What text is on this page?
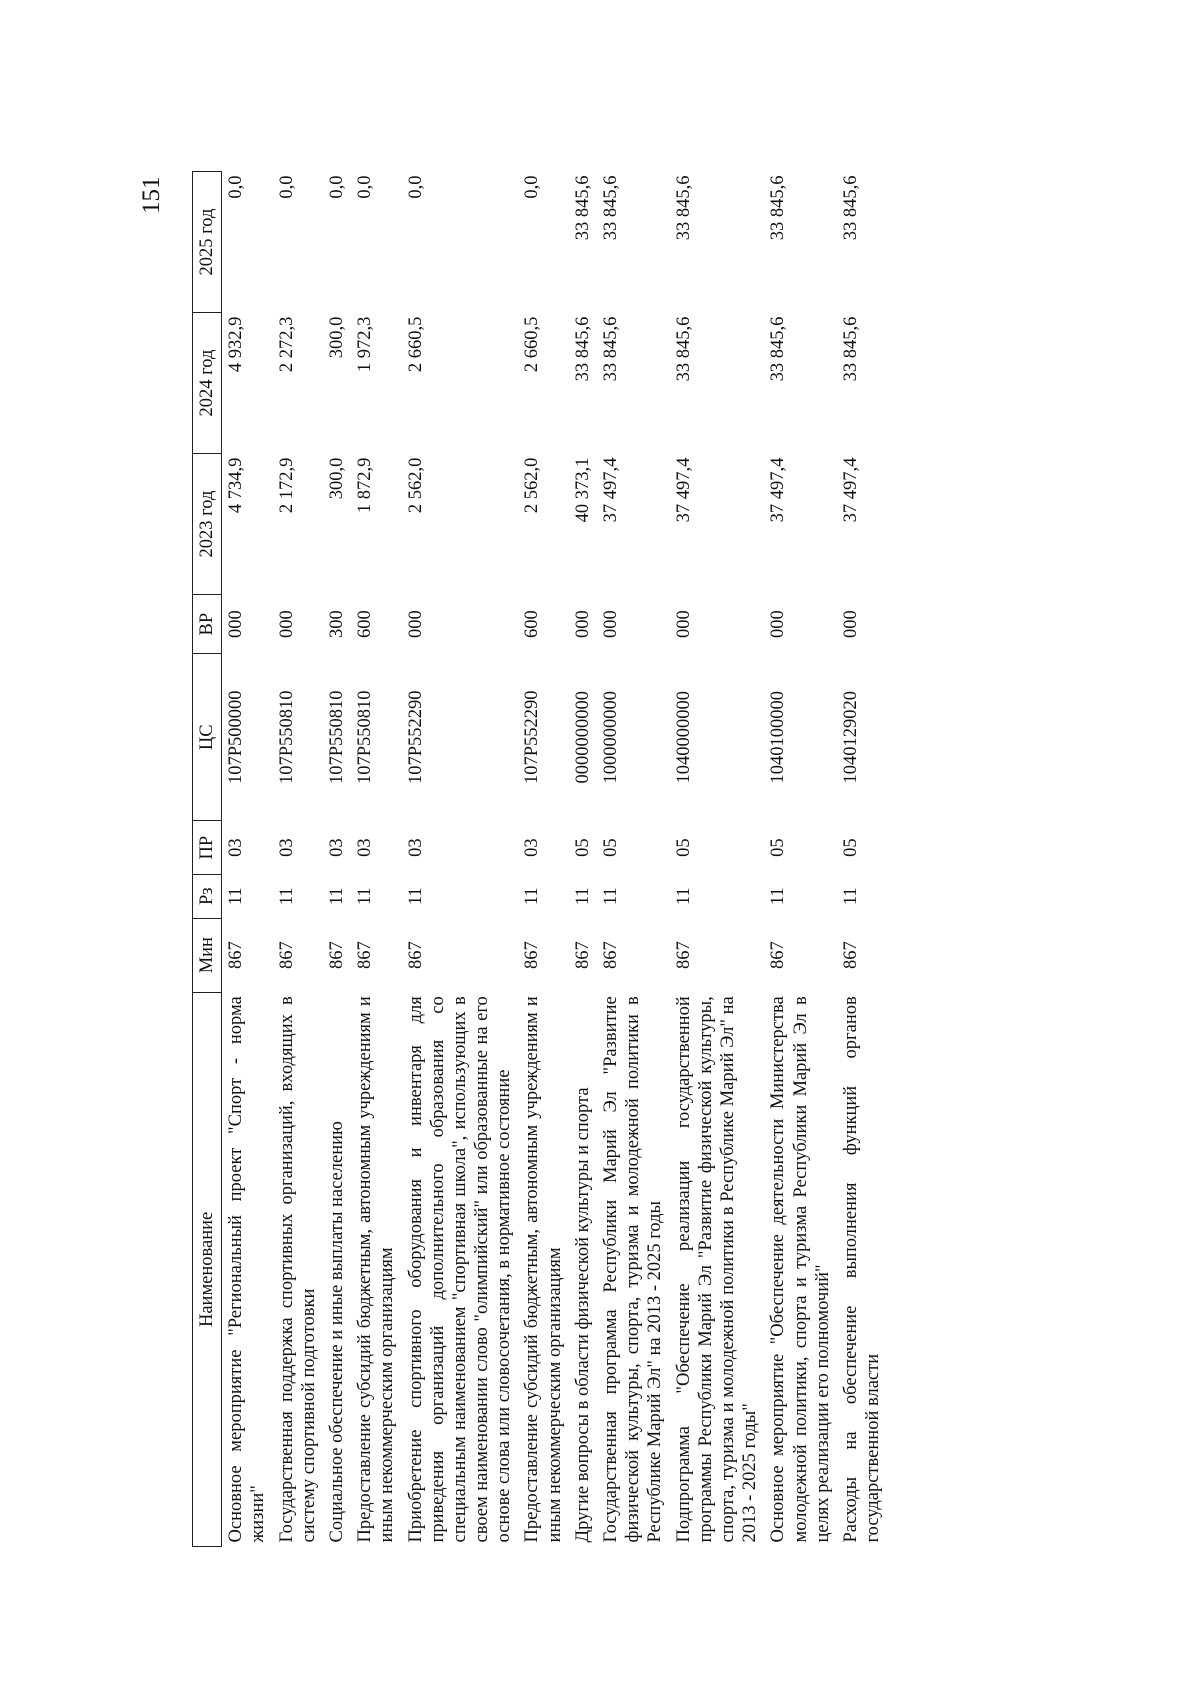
151
Наименование	Мин	Рз	ПР	ЦС	ВР	2023 год	2024 год	2025 год
Основное мероприятие "Региональный проект "Спорт - норма жизни"	867	11	03	107P500000	000	4 734,9	4 932,9	0,0
Государственная поддержка спортивных организаций, входящих в систему спортивной подготовки	867	11	03	107P550810	000	2 172,9	2 272,3	0,0
Социальное обеспечение и иные выплаты населению	867	11	03	107P550810	300	300,0	300,0	0,0
Предоставление субсидий бюджетным, автономным учреждениям и иным некоммерческим организациям	867	11	03	107P550810	600	1 872,9	1 972,3	0,0
Приобретение спортивного оборудования и инвентаря для приведения организаций дополнительного образования со специальным наименованием "спортивная школа", использующих в своем наименовании слово "олимпийский" или образованные на его основе слова или словосочетания, в нормативное состояние	867	11	03	107P552290	000	2 562,0	2 660,5	0,0
Предоставление субсидий бюджетным, автономным учреждениям и иным некоммерческим организациям	867	11	03	107P552290	600	2 562,0	2 660,5	0,0
Другие вопросы в области физической культуры и спорта	867	11	05	0000000000	000	40 373,1	33 845,6	33 845,6
Государственная программа Республики Марий Эл "Развитие физической культуры, спорта, туризма и молодежной политики в Республике Марий Эл" на 2013 - 2025 годы	867	11	05	1000000000	000	37 497,4	33 845,6	33 845,6
Подпрограмма "Обеспечение реализации государственной программы Республики Марий Эл "Развитие физической культуры, спорта, туризма и молодежной политики в Республике Марий Эл" на 2013 - 2025 годы"	867	11	05	1040000000	000	37 497,4	33 845,6	33 845,6
Основное мероприятие "Обеспечение деятельности Министерства молодежной политики, спорта и туризма Республики Марий Эл в целях реализации его полномочий"	867	11	05	1040100000	000	37 497,4	33 845,6	33 845,6
Расходы на обеспечение выполнения функций органов государственной власти	867	11	05	1040129020	000	37 497,4	33 845,6	33 845,6
